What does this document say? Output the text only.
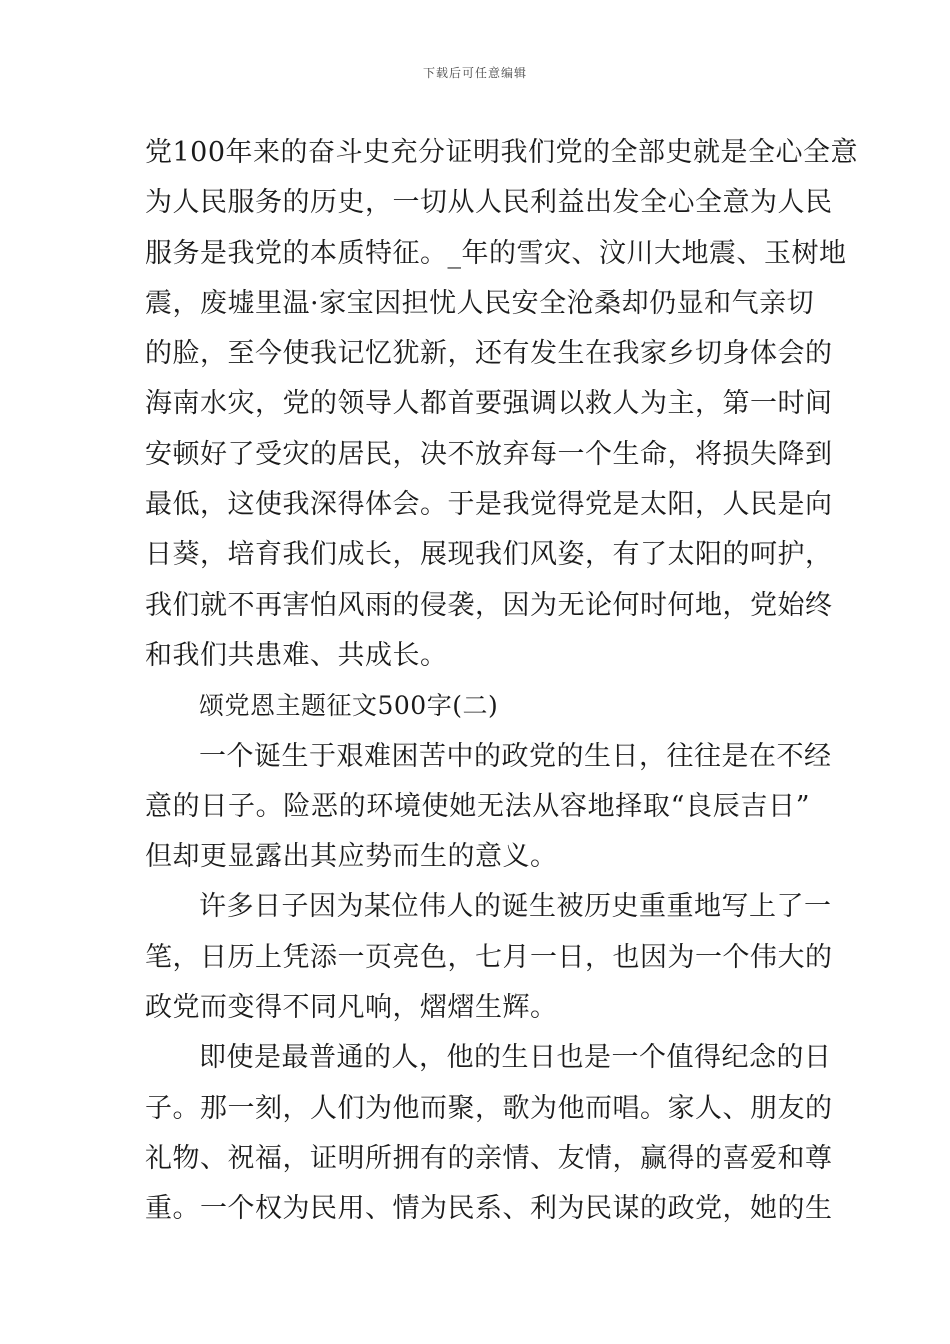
下载后可任意编辑
党100年来的奋斗史充分证明我们党的全部史就是全心全意
为人民服务的历史，一切从人民利益出发全心全意为人民
服务是我党的本质特征。_年的雪灾、汶川大地震、玉树地
震，废墟里温·家宝因担忧人民安全沧桑却仍显和气亲切
的脸，至今使我记忆犹新，还有发生在我家乡切身体会的
海南水灾，党的领导人都首要强调以救人为主，第一时间
安顿好了受灾的居民，决不放弃每一个生命，将损失降到
最低，这使我深得体会。于是我觉得党是太阳，人民是向
日葵，培育我们成长，展现我们风姿，有了太阳的呵护，
我们就不再害怕风雨的侵袭，因为无论何时何地，党始终
和我们共患难、共成长。
颂党恩主题征文500字(二)
一个诞生于艰难困苦中的政党的生日，往往是在不经
意的日子。险恶的环境使她无法从容地择取“良辰吉日”
但却更显露出其应势而生的意义。
许多日子因为某位伟人的诞生被历史重重地写上了一
笔，日历上凭添一页亮色，七月一日，也因为一个伟大的
政党而变得不同凡响，熠熠生辉。
即使是最普通的人，他的生日也是一个值得纪念的日
子。那一刻，人们为他而聚，歌为他而唱。家人、朋友的
礼物、祝福，证明所拥有的亲情、友情，赢得的喜爱和尊
重。一个权为民用、情为民系、利为民谋的政党，她的生
